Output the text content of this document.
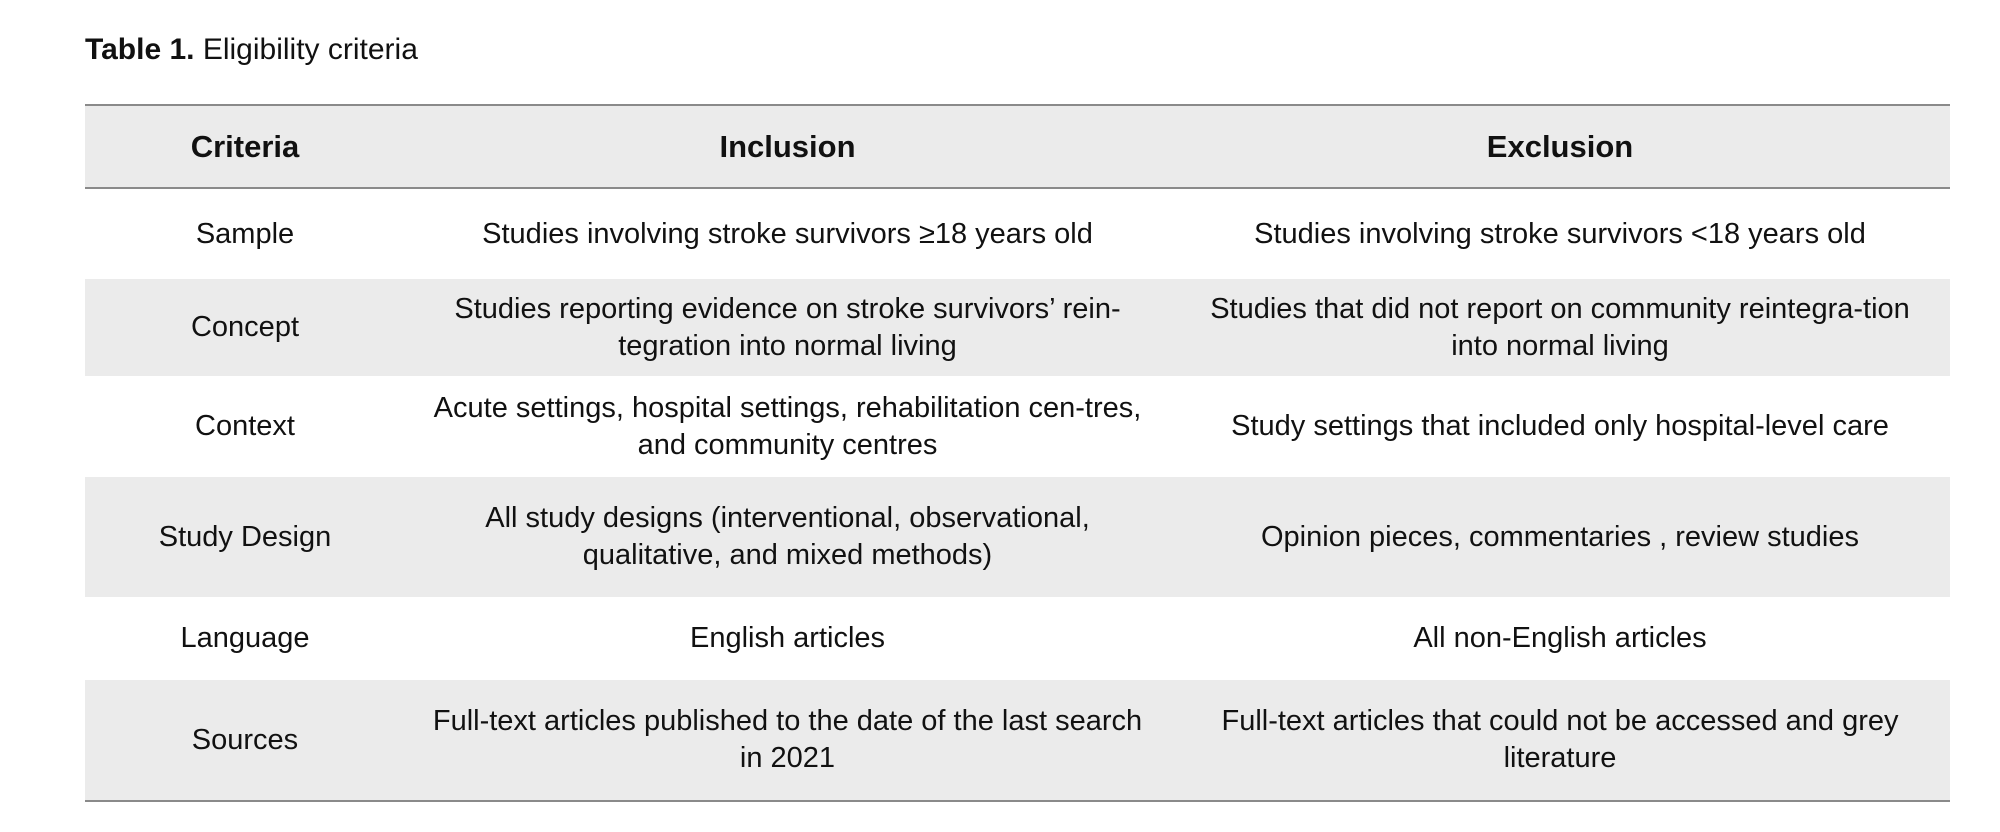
Table 1. Eligibility criteria
Criteria	Inclusion	Exclusion
Sample	Studies involving stroke survivors ≥18 years old	Studies involving stroke survivors <18 years old
Concept	Studies reporting evidence on stroke survivors’ rein-tegration into normal living	Studies that did not report on community reintegra-tion into normal living
Context	Acute settings, hospital settings, rehabilitation cen-tres, and community centres	Study settings that included only hospital-level care
Study Design	All study designs (interventional, observational, qualitative, and mixed methods)	Opinion pieces, commentaries , review studies
Language	English articles	All non-English articles
Sources	Full-text articles published to the date of the last search in 2021	Full-text articles that could not be accessed and grey literature
